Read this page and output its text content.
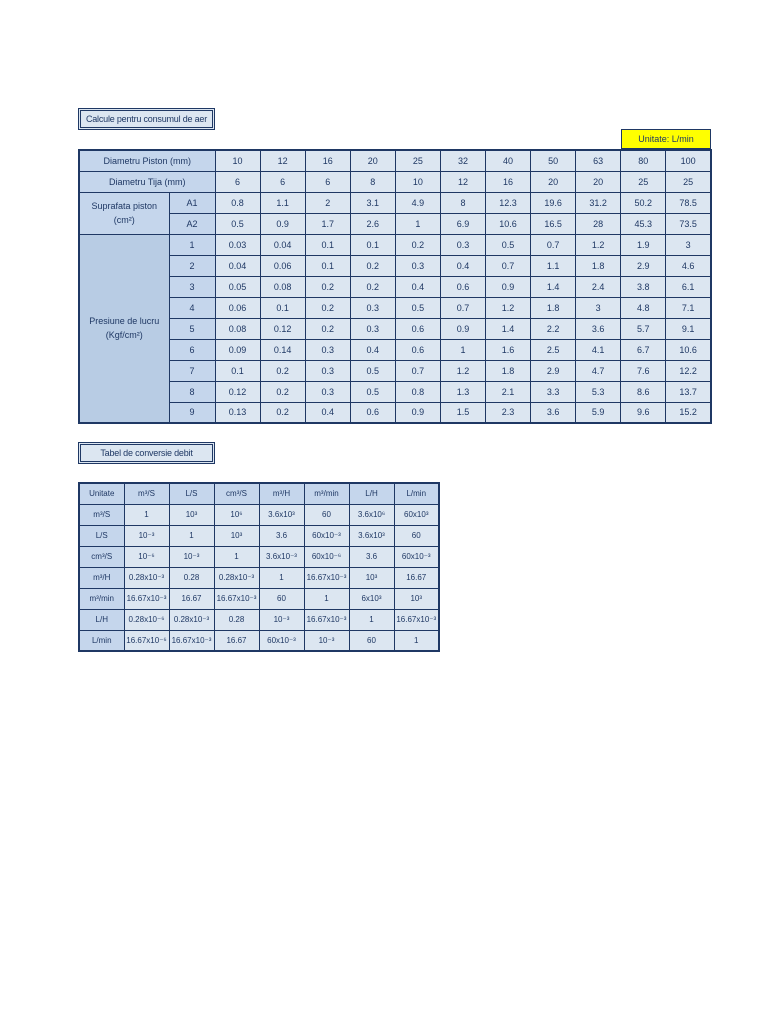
Calcule pentru consumul de aer
Unitate: L/min
Diametru Piston (mm)		10	12	16	20	25	32	40	50	63	80	100
Diametru Tija (mm)		6	6	6	8	10	12	16	20	20	25	25
Suprafata piston
(cm²)	A1	0.8	1.1	2	3.1	4.9	8	12.3	19.6	31.2	50.2	78.5
	A2	0.5	0.9	1.7	2.6	1	6.9	10.6	16.5	28	45.3	73.5
Presiune de lucru
(Kgf/cm²)	1	0.03	0.04	0.1	0.1	0.2	0.3	0.5	0.7	1.2	1.9	3
	2	0.04	0.06	0.1	0.2	0.3	0.4	0.7	1.1	1.8	2.9	4.6
	3	0.05	0.08	0.2	0.2	0.4	0.6	0.9	1.4	2.4	3.8	6.1
	4	0.06	0.1	0.2	0.3	0.5	0.7	1.2	1.8	3	4.8	7.1
	5	0.08	0.12	0.2	0.3	0.6	0.9	1.4	2.2	3.6	5.7	9.1
	6	0.09	0.14	0.3	0.4	0.6	1	1.6	2.5	4.1	6.7	10.6
	7	0.1	0.2	0.3	0.5	0.7	1.2	1.8	2.9	4.7	7.6	12.2
	8	0.12	0.2	0.3	0.5	0.8	1.3	2.1	3.3	5.3	8.6	13.7
	9	0.13	0.2	0.4	0.6	0.9	1.5	2.3	3.6	5.9	9.6	15.2
Tabel de conversie debit
Unitate	m³/S	L/S	cm³/S	m³/H	m³/min	L/H	L/min
m³/S	1	10³	10⁶	3.6x10³	60	3.6x10⁶	60x10³
L/S	10⁻³	1	10³	3.6	60x10⁻³	3.6x10³	60
cm³/S	10⁻⁶	10⁻³	1	3.6x10⁻³	60x10⁻⁶	3.6	60x10⁻³
m³/H	0.28x10⁻³	0.28	0.28x10⁻³	1	16.67x10⁻³	10³	16.67
m³/min	16.67x10⁻³	16.67	16.67x10⁻³	60	1	6x10³	10³
L/H	0.28x10⁻⁶	0.28x10⁻³	0.28	10⁻³	16.67x10⁻³	1	16.67x10⁻³
L/min	16.67x10⁻⁶	16.67x10⁻³	16.67	60x10⁻³	10⁻³	60	1
